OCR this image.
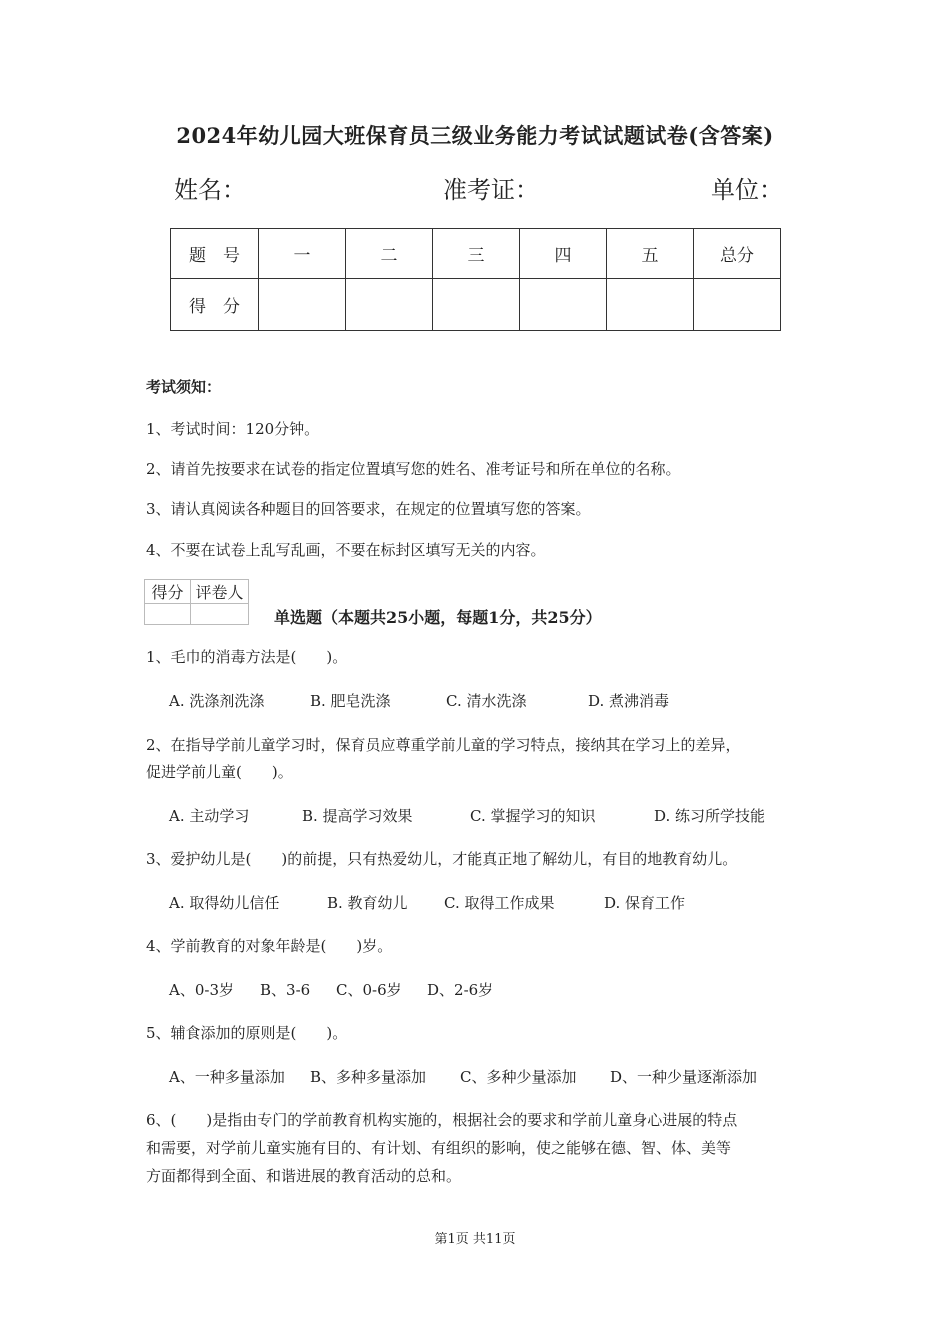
2024年幼儿园大班保育员三级业务能力考试试题试卷(含答案)
姓名：	准考证：	单位：
题　号	一	二	三	四	五	总分
得　分						
考试须知：
1、考试时间：120分钟。
2、请首先按要求在试卷的指定位置填写您的姓名、准考证号和所在单位的名称。
3、请认真阅读各种题目的回答要求，在规定的位置填写您的答案。
4、不要在试卷上乱写乱画，不要在标封区填写无关的内容。
得分	评卷人

单选题（本题共25小题，每题1分，共25分）
1、毛巾的消毒方法是(　　)。
A. 洗涤剂洗涤	B. 肥皂洗涤	C. 清水洗涤	D. 煮沸消毒
2、在指导学前儿童学习时，保育员应尊重学前儿童的学习特点，接纳其在学习上的差异，
促进学前儿童(　　)。
A. 主动学习	B. 提高学习效果	C. 掌握学习的知识	D. 练习所学技能
3、爱护幼儿是(　　)的前提，只有热爱幼儿，才能真正地了解幼儿，有目的地教育幼儿。
A. 取得幼儿信任	B. 教育幼儿 C. 取得工作成果	D. 保育工作
4、学前教育的对象年龄是(　　)岁。
A、0-3岁 B、3-6 C、0-6岁 D、2-6岁
5、辅食添加的原则是(　　)。
A、一种多量添加 B、多种多量添加 C、多种少量添加 D、一种少量逐渐添加
6、(　　)是指由专门的学前教育机构实施的，根据社会的要求和学前儿童身心进展的特点
和需要，对学前儿童实施有目的、有计划、有组织的影响，使之能够在德、智、体、美等
方面都得到全面、和谐进展的教育活动的总和。
第1页 共11页
